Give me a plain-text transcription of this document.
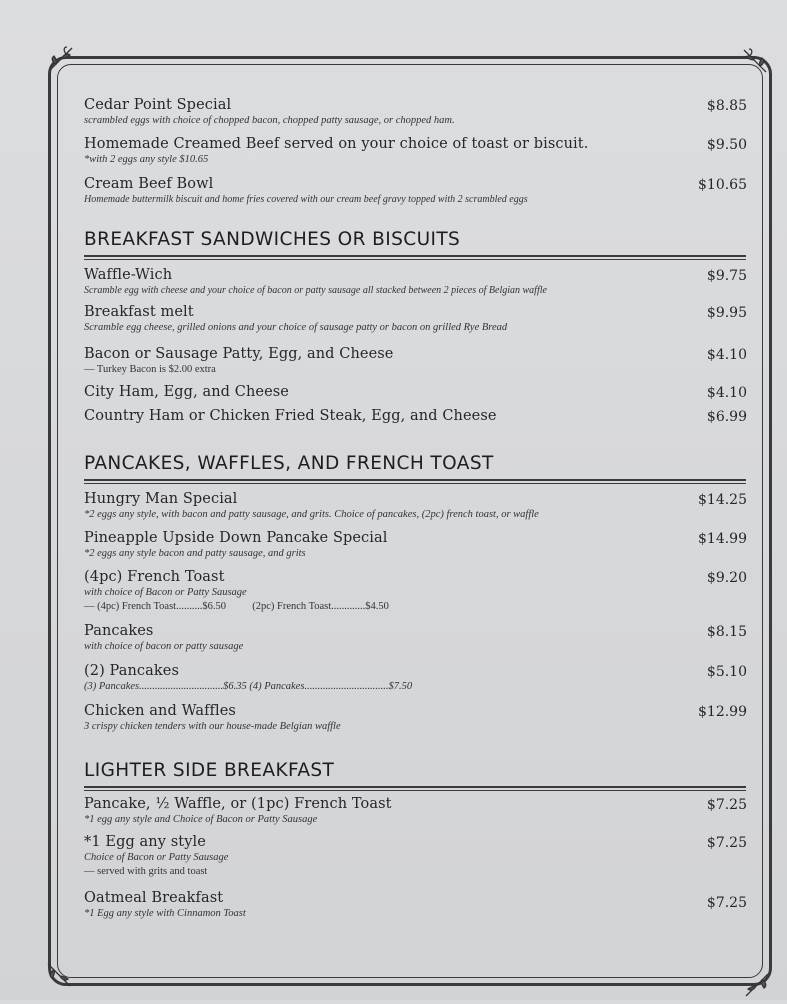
Cedar Point Special
scrambled eggs with choice of chopped bacon, chopped patty sausage, or chopped ham.
$8.85
Homemade Creamed Beef served on your choice of toast or biscuit.
*with 2 eggs any style $10.65
$9.50
Cream Beef Bowl
Homemade buttermilk biscuit and home fries covered with our cream beef gravy topped with 2 scrambled eggs
$10.65
BREAKFAST SANDWICHES OR BISCUITS
Waffle-Wich
Scramble egg with cheese and your choice of bacon or patty sausage all stacked between 2 pieces of Belgian waffle
$9.75
Breakfast melt
Scramble egg cheese, grilled onions and your choice of sausage patty or bacon on grilled Rye Bread
$9.95
Bacon or Sausage Patty, Egg, and Cheese
— Turkey Bacon is $2.00 extra
$4.10
City Ham, Egg, and Cheese	$4.10
Country Ham or Chicken Fried Steak, Egg, and Cheese	$6.99
PANCAKES, WAFFLES, AND FRENCH TOAST
Hungry Man Special
*2 eggs any style, with bacon and patty sausage, and grits. Choice of pancakes, (2pc) french toast, or waffle
$14.25
Pineapple Upside Down Pancake Special
*2 eggs any style bacon and patty sausage, and grits
$14.99
(4pc) French Toast
with choice of Bacon or Patty Sausage
— (4pc) French Toast..........$6.50          (2pc) French Toast.............$4.50
$9.20
Pancakes
with choice of bacon or patty sausage
$8.15
(2) Pancakes
(3) Pancakes................................$6.35 (4) Pancakes................................$7.50
$5.10
Chicken and Waffles
3 crispy chicken tenders with our house-made Belgian waffle
$12.99
LIGHTER SIDE BREAKFAST
Pancake, ½ Waffle, or (1pc) French Toast
*1 egg any style and Choice of Bacon or Patty Sausage
$7.25
*1 Egg any style
Choice of Bacon or Patty Sausage
— served with grits and toast
$7.25
Oatmeal Breakfast
*1 Egg any style with Cinnamon Toast
$7.25
